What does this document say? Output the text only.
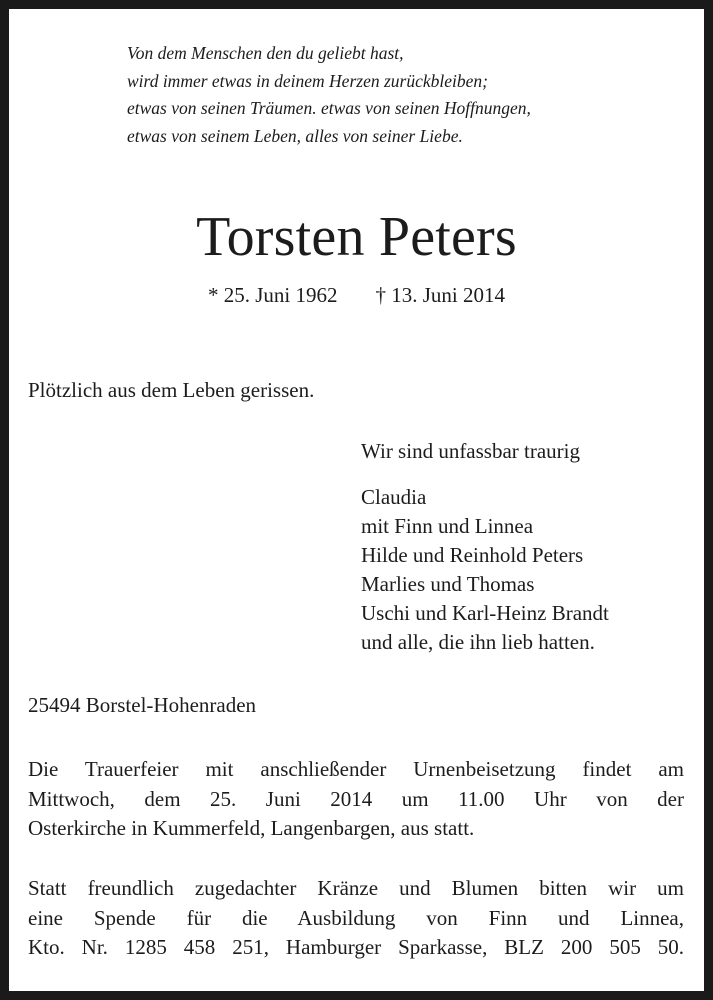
Von dem Menschen den du geliebt hast,
wird immer etwas in deinem Herzen zurückbleiben;
etwas von seinen Träumen. etwas von seinen Hoffnungen,
etwas von seinem Leben, alles von seiner Liebe.
Torsten Peters
* 25. Juni 1962 † 13. Juni 2014
Plötzlich aus dem Leben gerissen.
Wir sind unfassbar traurig
Claudia
mit Finn und Linnea
Hilde und Reinhold Peters
Marlies und Thomas
Uschi und Karl-Heinz Brandt
und alle, die ihn lieb hatten.
25494 Borstel-Hohenraden
Die Trauerfeier mit anschließender Urnenbeisetzung findet am
Mittwoch, dem 25. Juni 2014 um 11.00 Uhr von der
Osterkirche in Kummerfeld, Langenbargen, aus statt.
Statt freundlich zugedachter Kränze und Blumen bitten wir um
eine Spende für die Ausbildung von Finn und Linnea,
Kto. Nr. 1285 458 251, Hamburger Sparkasse, BLZ 200 505 50.
